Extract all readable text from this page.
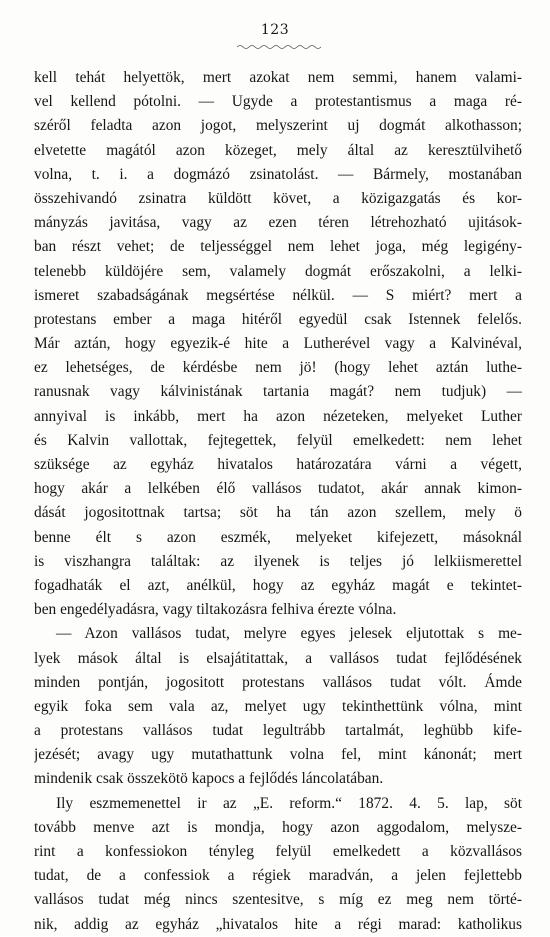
123
kell tehát helyettök, mert azokat nem semmi, hanem valami-
vel kellend pótolni. — Ugyde a protestantismus a maga ré-
széről feladta azon jogot, melyszerint uj dogmát alkothasson;
elvetette magától azon közeget, mely által az keresztülvihető
volna, t. i. a dogmázó zsinatolást. — Bármely, mostanában
összehivandó zsinatra küldött követ, a közigazgatás és kor-
mányzás javitása, vagy az ezen téren létrehozható ujitások-
ban részt vehet; de teljességgel nem lehet joga, még legigény-
telenebb küldöjére sem, valamely dogmát erőszakolni, a lelki-
ismeret szabadságának megsértése nélkül. — S miért? mert a
protestans ember a maga hitéről egyedül csak Istennek felelős.
Már aztán, hogy egyezik-é hite a Lutherével vagy a Kalvinéval,
ez lehetséges, de kérdésbe nem jö! (hogy lehet aztán luthe-
ranusnak vagy kálvinistának tartania magát? nem tudjuk) —
annyival is inkább, mert ha azon nézeteken, melyeket Luther
és Kalvin vallottak, fejtegettek, felyül emelkedett: nem lehet
szüksége az egyház hivatalos határozatára várni a végett,
hogy akár a lelkében élő vallásos tudatot, akár annak kimon-
dását jogositottnak tartsa; söt ha tán azon szellem, mely ö
benne élt s azon eszmék, melyeket kifejezett, másoknál
is viszhangra találtak: az ilyenek is teljes jó lelkiismerettel
fogadhaták el azt, anélkül, hogy az egyház magát e tekintet-
ben engedélyadásra, vagy tiltakozásra felhiva érezte vólna.
— Azon vallásos tudat, melyre egyes jelesek eljutottak s me-
lyek mások által is elsajátitattak, a vallásos tudat fejlődésének
minden pontján, jogositott protestans vallásos tudat vólt. Ámde
egyik foka sem vala az, melyet ugy tekinthettünk vólna, mint
a protestans vallásos tudat legultrább tartalmát, leghübb kife-
jezését; avagy ugy mutathattunk volna fel, mint kánonát; mert
mindenik csak összekötö kapocs a fejlődés láncolatában.
Ily eszmemenettel ir az „E. reform.“ 1872. 4. 5. lap, söt
tovább menve azt is mondja, hogy azon aggodalom, melysze-
rint a konfessiokon tényleg felyül emelkedett a közvallásos
tudat, de a confessiok a régiek maradván, a jelen fejlettebb
vallásos tudat még nincs szentesitve, s míg ez meg nem törté-
nik, addig az egyház „hivatalos hite a régi marad: katholikus
